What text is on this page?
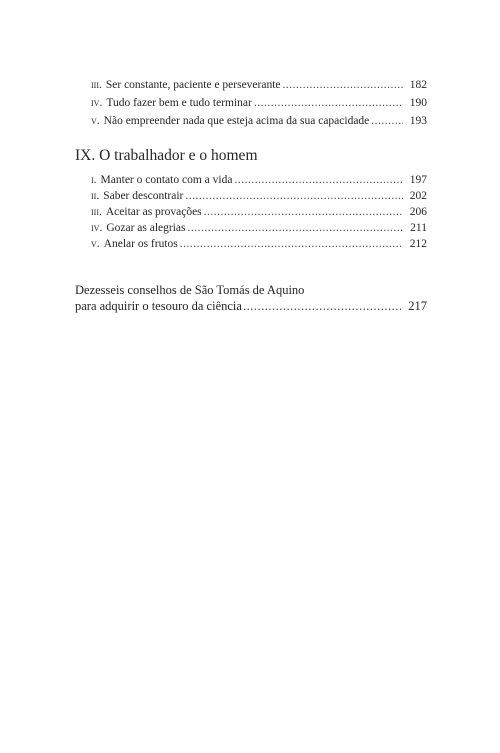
iii. Ser constante, paciente e perseverante .....	182
iv. Tudo fazer bem e tudo terminar .....	190
v. Não empreender nada que esteja acima da sua capacidade .....	193
IX. O trabalhador e o homem
i. Manter o contato com a vida .....	197
ii. Saber descontrair .....	202
iii. Aceitar as provações .....	206
iv. Gozar as alegrias .....	211
v. Anelar os frutos .....	212
Dezesseis conselhos de São Tomás de Aquino
para adquirir o tesouro da ciência .....	217
